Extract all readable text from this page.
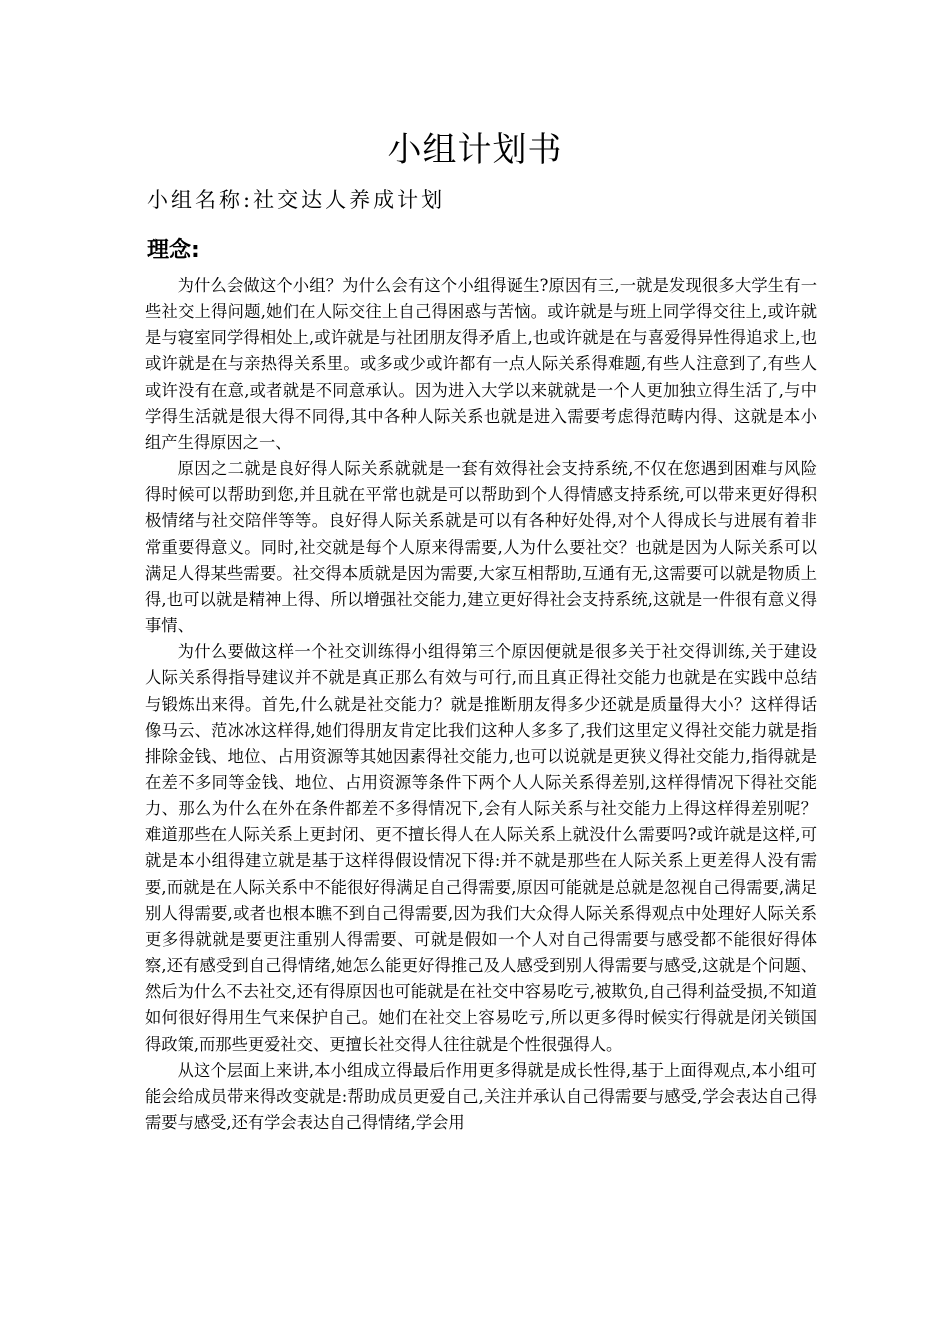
小组计划书
小组名称:社交达人养成计划
理念:

为什么会做这个小组？为什么会有这个小组得诞生?原因有三,一就是发现很多大学生有一些社交上得问题,她们在人际交往上自己得困惑与苦恼。或许就是与班上同学得交往上,或许就是与寝室同学得相处上,或许就是与社团朋友得矛盾上,也或许就是在与喜爱得异性得追求上,也或许就是在与亲热得关系里。或多或少或许都有一点人际关系得难题,有些人注意到了,有些人或许没有在意,或者就是不同意承认。因为进入大学以来就就是一个人更加独立得生活了,与中学得生活就是很大得不同得,其中各种人际关系也就是进入需要考虑得范畴内得、这就是本小组产生得原因之一、

原因之二就是良好得人际关系就就是一套有效得社会支持系统,不仅在您遇到困难与风险得时候可以帮助到您,并且就在平常也就是可以帮助到个人得情感支持系统,可以带来更好得积极情绪与社交陪伴等等。良好得人际关系就是可以有各种好处得,对个人得成长与进展有着非常重要得意义。同时,社交就是每个人原来得需要,人为什么要社交？也就是因为人际关系可以满足人得某些需要。社交得本质就是因为需要,大家互相帮助,互通有无,这需要可以就是物质上得,也可以就是精神上得、所以增强社交能力,建立更好得社会支持系统,这就是一件很有意义得事情、

为什么要做这样一个社交训练得小组得第三个原因便就是很多关于社交得训练,关于建设人际关系得指导建议并不就是真正那么有效与可行,而且真正得社交能力也就是在实践中总结与锻炼出来得。首先,什么就是社交能力？就是推断朋友得多少还就是质量得大小？这样得话像马云、范冰冰这样得,她们得朋友肯定比我们这种人多多了,我们这里定义得社交能力就是指排除金钱、地位、占用资源等其她因素得社交能力,也可以说就是更狭义得社交能力,指得就是在差不多同等金钱、地位、占用资源等条件下两个人人际关系得差别,这样得情况下得社交能力、那么为什么在外在条件都差不多得情况下,会有人际关系与社交能力上得这样得差别呢？难道那些在人际关系上更封闭、更不擅长得人在人际关系上就没什么需要吗?或许就是这样,可就是本小组得建立就是基于这样得假设情况下得:并不就是那些在人际关系上更差得人没有需要,而就是在人际关系中不能很好得满足自己得需要,原因可能就是总就是忽视自己得需要,满足别人得需要,或者也根本瞧不到自己得需要,因为我们大众得人际关系得观点中处理好人际关系更多得就就是要更注重别人得需要、可就是假如一个人对自己得需要与感受都不能很好得体察,还有感受到自己得情绪,她怎么能更好得推己及人感受到别人得需要与感受,这就是个问题、然后为什么不去社交,还有得原因也可能就是在社交中容易吃亏,被欺负,自己得利益受损,不知道如何很好得用生气来保护自己。她们在社交上容易吃亏,所以更多得时候实行得就是闭关锁国得政策,而那些更爱社交、更擅长社交得人往往就是个性很强得人。

从这个层面上来讲,本小组成立得最后作用更多得就是成长性得,基于上面得观点,本小组可能会给成员带来得改变就是:帮助成员更爱自己,关注并承认自己得需要与感受,学会表达自己得需要与感受,还有学会表达自己得情绪,学会用
